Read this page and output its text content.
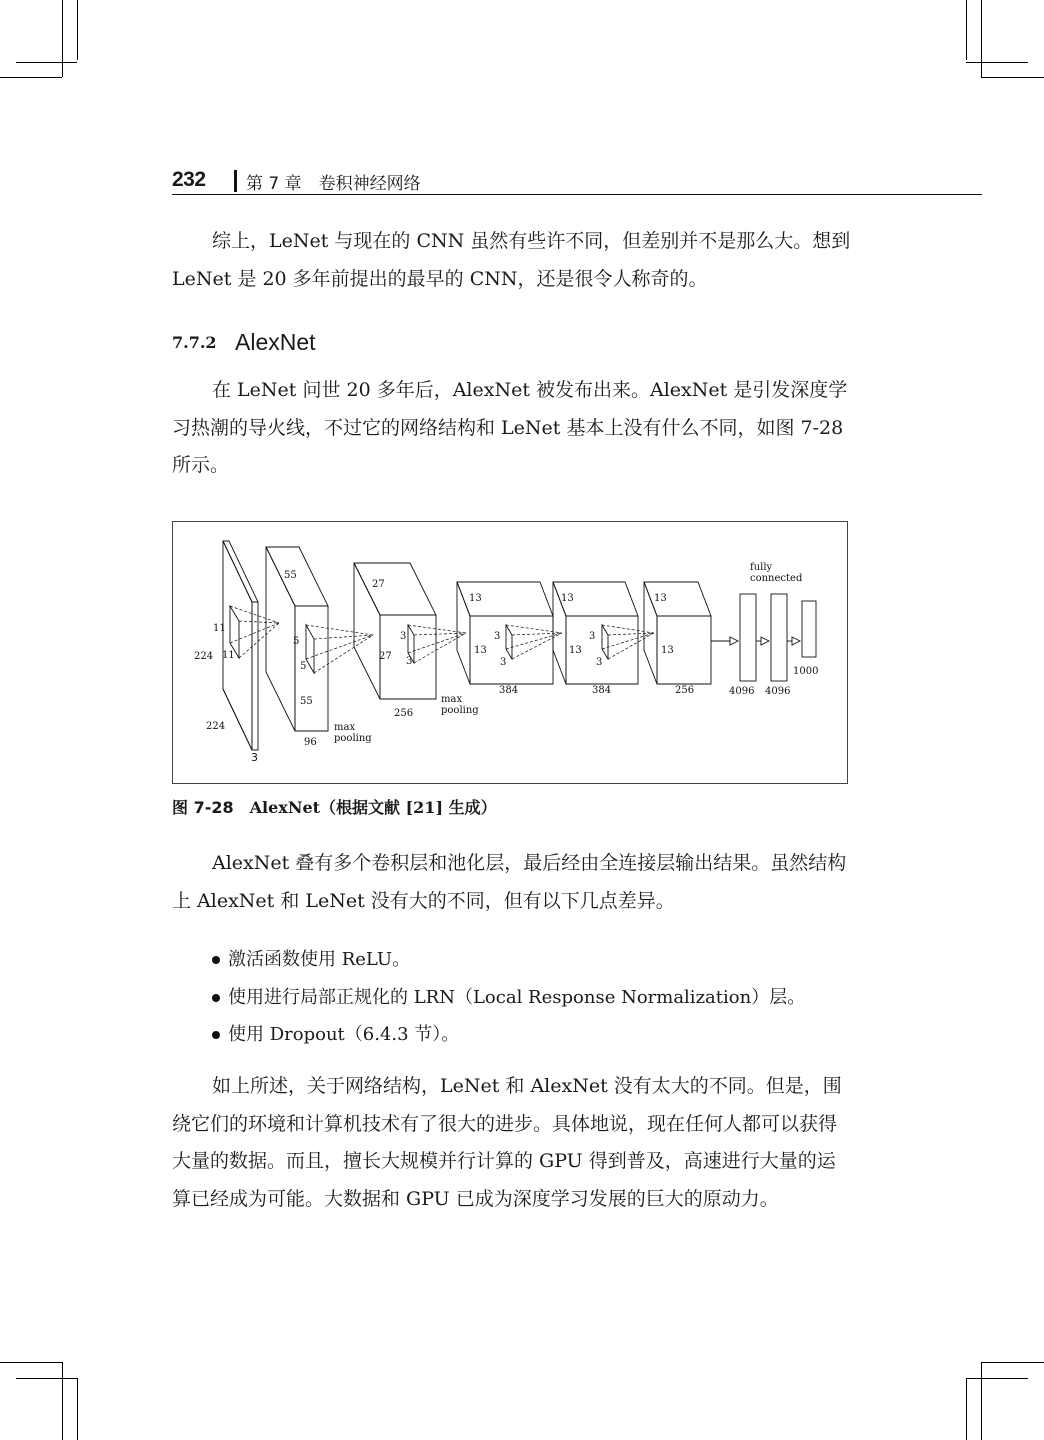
232 第 7 章　卷积神经网络

综上，LeNet 与现在的 CNN 虽然有些许不同，但差别并不是那么大。想到 LeNet 是 20 多年前提出的最早的 CNN，还是很令人称奇的。

7.7.2 AlexNet

在 LeNet 问世 20 多年后，AlexNet 被发布出来。AlexNet 是引发深度学习热潮的导火线，不过它的网络结构和 LeNet 基本上没有什么不同，如图 7-28 所示。

11
11
224
224
3
55
5
5
55
96
max
pooling
27
27
3
3
256
max
pooling
13
13
3
3
384
13
13
3
3
384
13
13
256
fully
connected
4096 4096
1000
图 7-28 AlexNet（根据文献 [21] 生成）

AlexNet 叠有多个卷积层和池化层，最后经由全连接层输出结果。虽然结构上 AlexNet 和 LeNet 没有大的不同，但有以下几点差异。

激活函数使用 ReLU。
使用进行局部正规化的 LRN（Local Response Normalization）层。
使用 Dropout（6.4.3 节）。

如上所述，关于网络结构，LeNet 和 AlexNet 没有太大的不同。但是，围绕它们的环境和计算机技术有了很大的进步。具体地说，现在任何人都可以获得大量的数据。而且，擅长大规模并行计算的 GPU 得到普及，高速进行大量的运算已经成为可能。大数据和 GPU 已成为深度学习发展的巨大的原动力。
